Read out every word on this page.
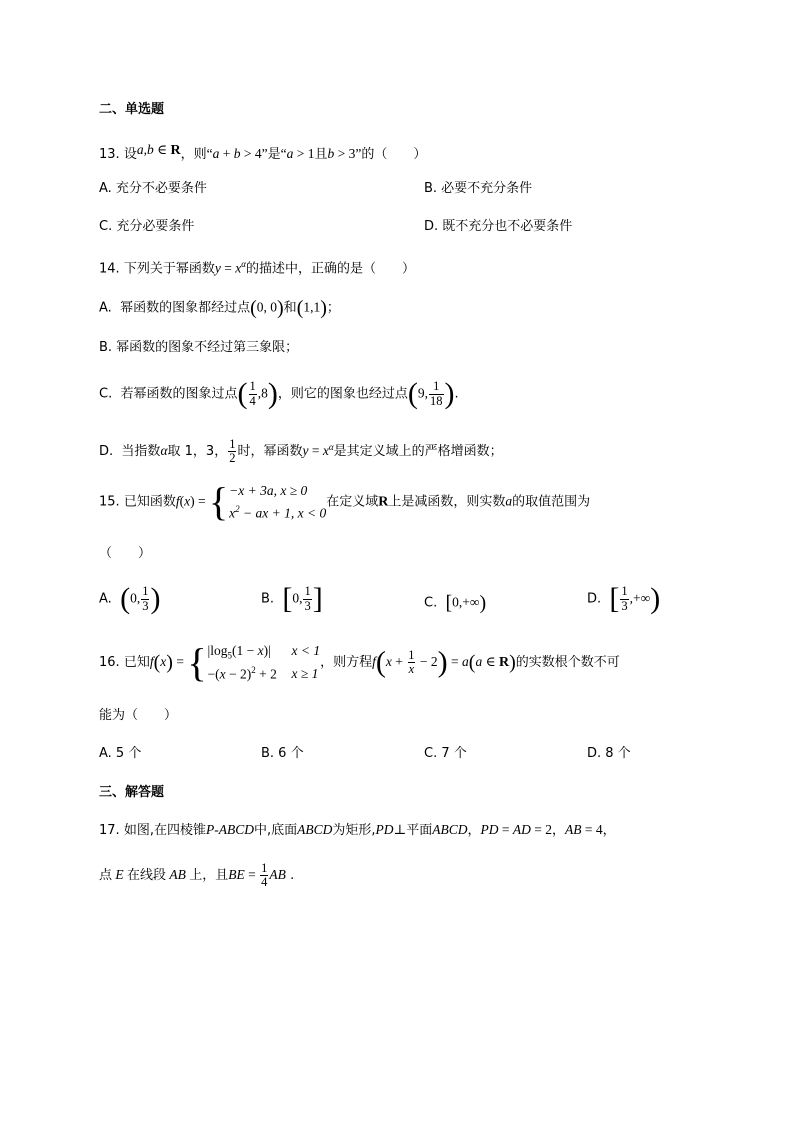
二、单选题
13. 设a,b ∈ R，则“a + b > 4”是“a > 1且b > 3”的（　　）
A. 充分不必要条件	B. 必要不充分条件
C. 充分必要条件	D. 既不充分也不必要条件
14. 下列关于幂函数$y = x^\alpha$的描述中，正确的是（　　）
A. 幂函数的图象都经过点(0, 0)和(1,1)；
B. 幂函数的图象不经过第三象限；
C. 若幂函数的图象过点( $\frac{1}{4} ,8$)，则它的图象也经过点(9, $\frac{1}{18}$ ).
D. 当指数α取 1，3， $\frac{1}{2}$ 时，幂函数$y = x^\alpha$是其定义域上的严格增函数；
15. 已知函数f(x) = { −x + 3a, x ≥ 0
$x^2$ − ax + 1, x < 0
在定义域R上是减函数，则实数a的取值范围为
（　　）
A. (0, $\frac{1}{3}$ )	B. [0, $\frac{1}{3}$ ]	C. [0,+∞)	D. [ $\frac{1}{3}$ ,+∞)
16. 已知f(x) = { $|\log_5(1 - x)|$	x < 1
$-(x - 2)^2 + 2$	x ≥ 1
，则方程$f(x + \frac{1}{x} - 2) = a(a$ ∈ R)的实数根个数不可
能为（　　）
A. 5 个	B. 6 个	C. 7 个	D. 8 个
三、解答题
17. 如图,在四棱锥P-ABCD中,底面ABCD为矩形,PD⊥平面ABCD，PD = AD = 2，AB = 4，
点 E 在线段 AB 上，且BE = $\frac{1}{4}$ AB .
